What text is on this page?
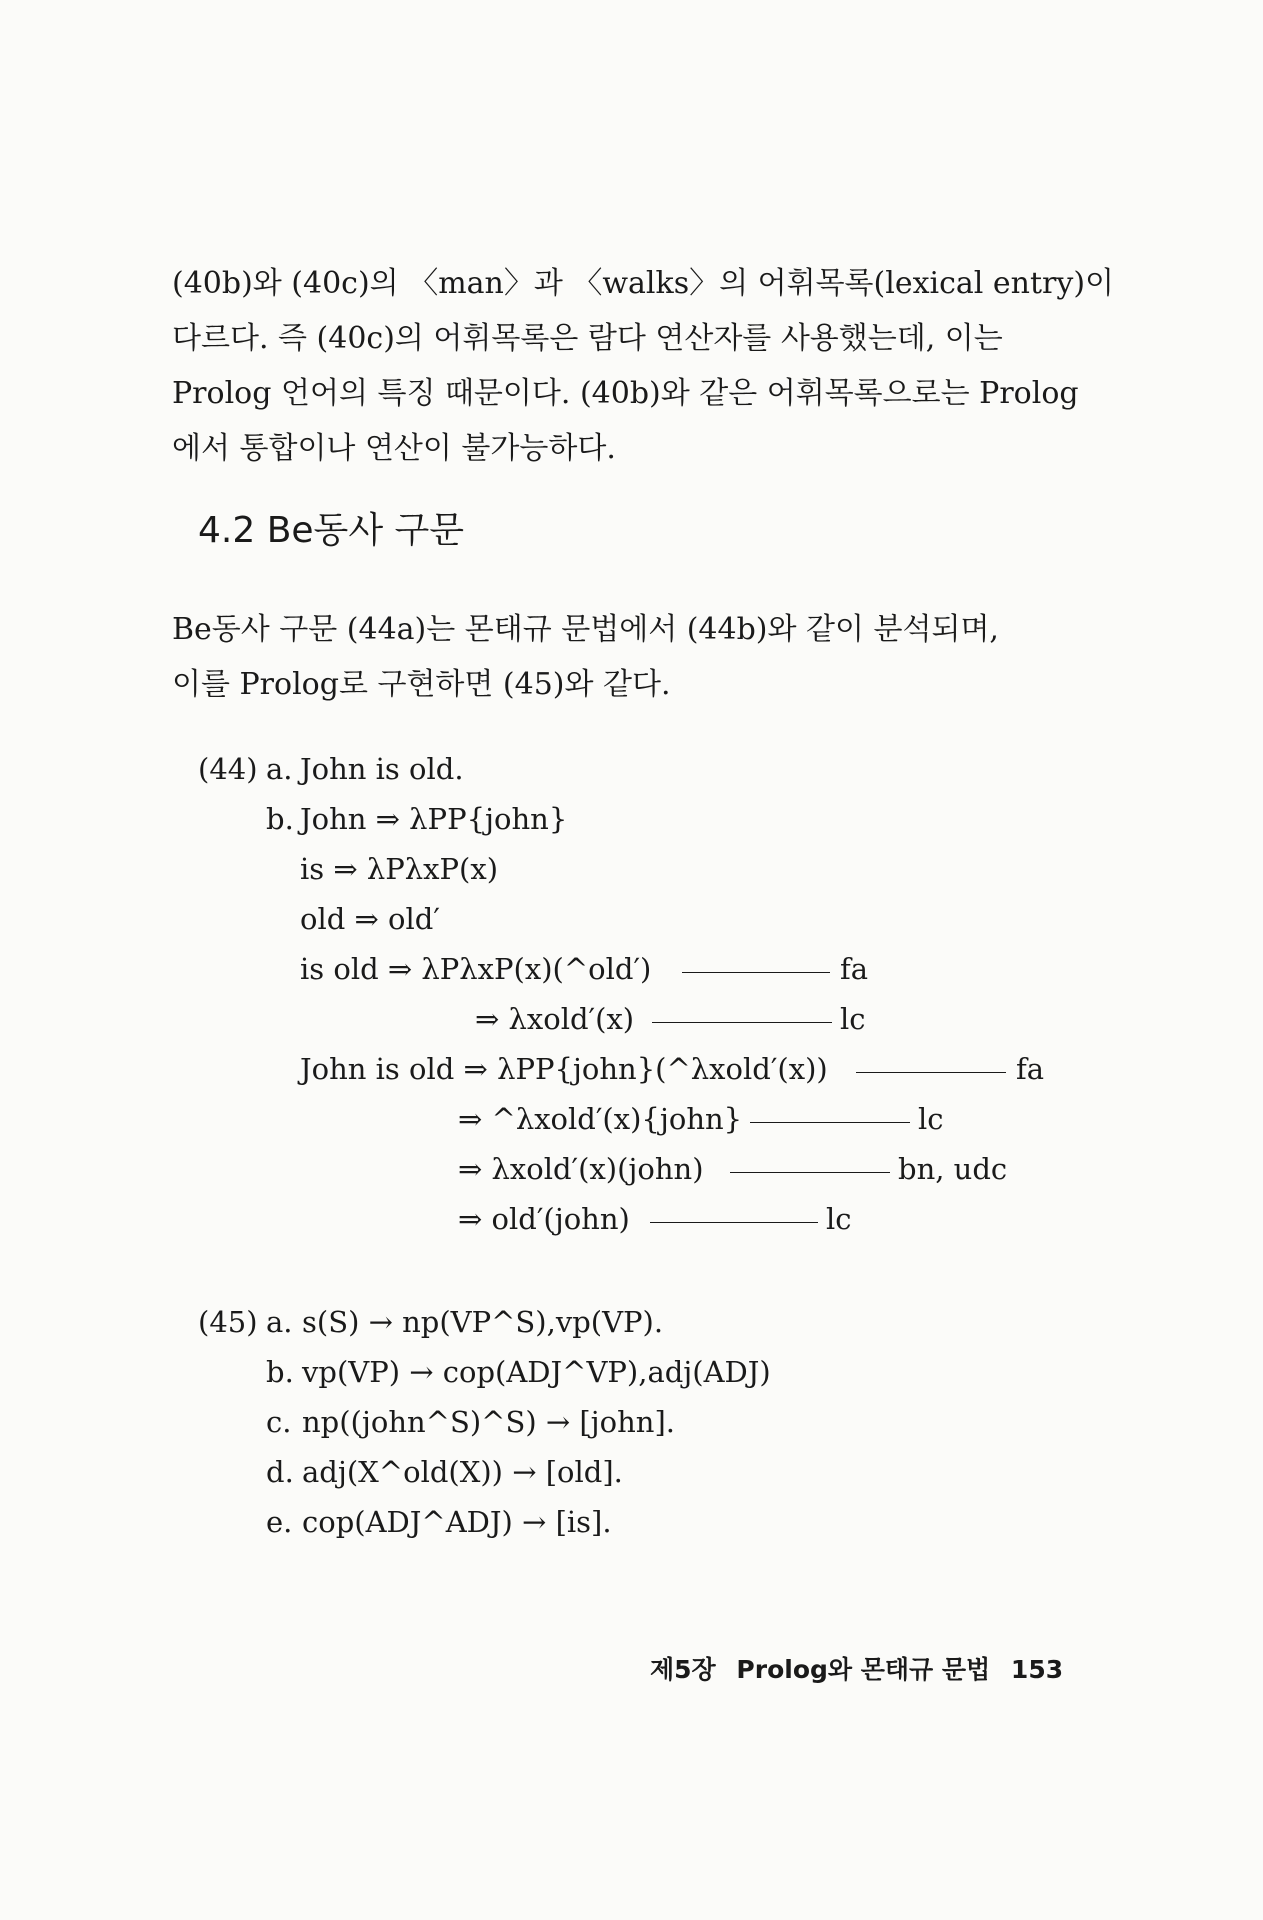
(40b)와 (40c)의 〈man〉과 〈walks〉의 어휘목록(lexical entry)이

다르다. 즉 (40c)의 어휘목록은 람다 연산자를 사용했는데, 이는

Prolog 언어의 특징 때문이다. (40b)와 같은 어휘목록으로는 Prolog

에서 통합이나 연산이 불가능하다.

4.2 Be동사 구문

Be동사 구문 (44a)는 몬태규 문법에서 (44b)와 같이 분석되며,

이를 Prolog로 구현하면 (45)와 같다.

(44) a. John is old.
b. John ⇒ λPP{john}
is ⇒ λPλxP(x)
old ⇒ old′
is old ⇒ λPλxP(x)(^old′)	fa
⇒ λxold′(x)	lc
John is old ⇒ λPP{john}(^λxold′(x))	fa
⇒ ^λxold′(x){john}	lc
⇒ λxold′(x)(john)	bn, udc
⇒ old′(john)	lc
(45) a. s(S) → np(VP^S),vp(VP).
b. vp(VP) → cop(ADJ^VP),adj(ADJ)
c. np((john^S)^S) → [john].
d. adj(X^old(X)) → [old].
e. cop(ADJ^ADJ) → [is].
제5장 Prolog와 몬태규 문법 153
